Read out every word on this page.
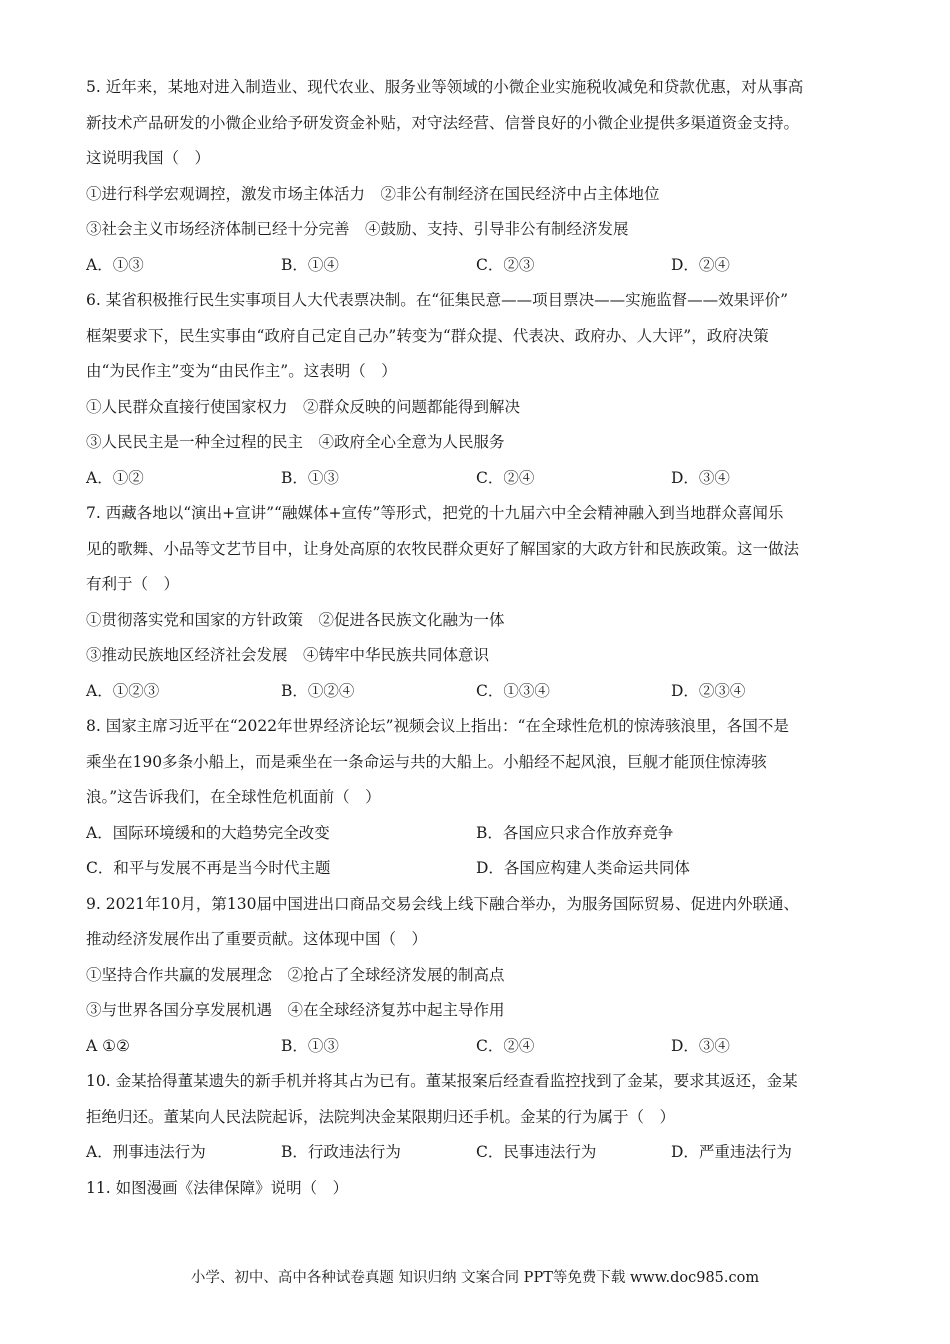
5. 近年来，某地对进入制造业、现代农业、服务业等领域的小微企业实施税收减免和贷款优惠，对从事高
新技术产品研发的小微企业给予研发资金补贴，对守法经营、信誉良好的小微企业提供多渠道资金支持。
这说明我国（　）
①进行科学宏观调控，激发市场主体活力　②非公有制经济在国民经济中占主体地位
③社会主义市场经济体制已经十分完善　④鼓励、支持、引导非公有制经济发展
A．①③	B．①④	C．②③	D．②④
6. 某省积极推行民生实事项目人大代表票决制。在“征集民意——项目票决——实施监督——效果评价”
框架要求下，民生实事由“政府自己定自己办”转变为“群众提、代表决、政府办、人大评”，政府决策
由“为民作主”变为“由民作主”。这表明（　）
①人民群众直接行使国家权力　②群众反映的问题都能得到解决
③人民民主是一种全过程的民主　④政府全心全意为人民服务
A．①②	B．①③	C．②④	D．③④
7. 西藏各地以“演出+宣讲”“融媒体+宣传”等形式，把党的十九届六中全会精神融入到当地群众喜闻乐
见的歌舞、小品等文艺节目中，让身处高原的农牧民群众更好了解国家的大政方针和民族政策。这一做法
有利于（　）
①贯彻落实党和国家的方针政策　②促进各民族文化融为一体
③推动民族地区经济社会发展　④铸牢中华民族共同体意识
A．①②③	B．①②④	C．①③④	D．②③④
8. 国家主席习近平在“2022年世界经济论坛”视频会议上指出：“在全球性危机的惊涛骇浪里，各国不是
乘坐在190多条小船上，而是乘坐在一条命运与共的大船上。小船经不起风浪，巨舰才能顶住惊涛骇
浪。”这告诉我们，在全球性危机面前（　）
A．国际环境缓和的大趋势完全改变	B．各国应只求合作放弃竞争
C．和平与发展不再是当今时代主题	D．各国应构建人类命运共同体
9. 2021年10月，第130届中国进出口商品交易会线上线下融合举办，为服务国际贸易、促进内外联通、
推动经济发展作出了重要贡献。这体现中国（　）
①坚持合作共赢的发展理念　②抢占了全球经济发展的制高点
③与世界各国分享发展机遇　④在全球经济复苏中起主导作用
A ①②	B．①③	C．②④	D．③④
10. 金某拾得董某遗失的新手机并将其占为已有。董某报案后经查看监控找到了金某，要求其返还，金某
拒绝归还。董某向人民法院起诉，法院判决金某限期归还手机。金某的行为属于（　）
A．刑事违法行为	B．行政违法行为	C．民事违法行为	D．严重违法行为
11. 如图漫画《法律保障》说明（　）
小学、初中、高中各种试卷真题 知识归纳 文案合同 PPT等免费下载 www.doc985.com
